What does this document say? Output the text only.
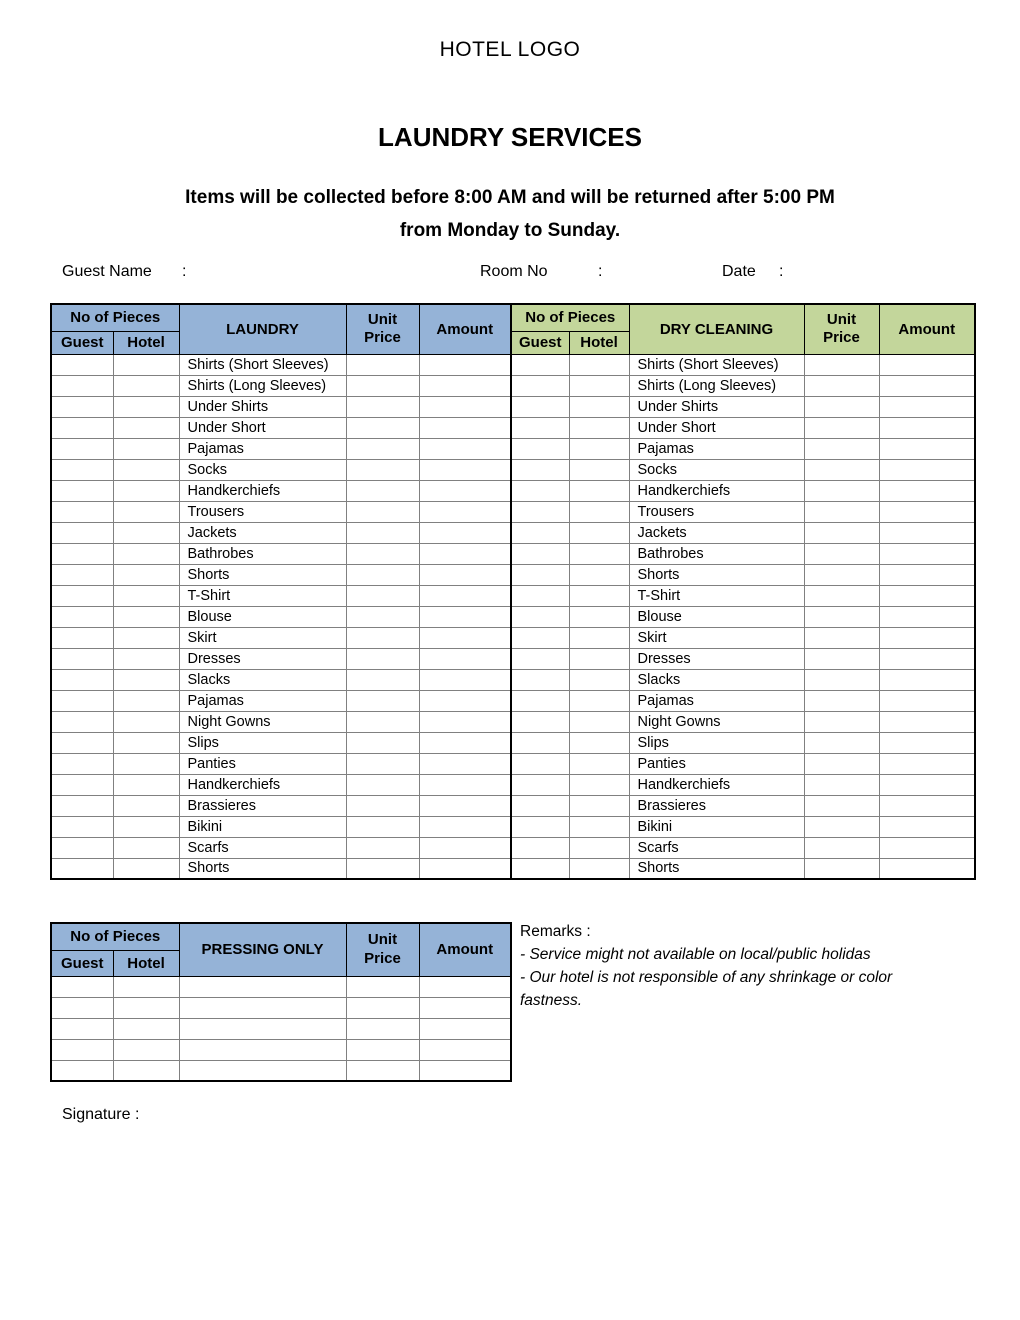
HOTEL LOGO
LAUNDRY SERVICES
Items will be collected before 8:00 AM and will be returned after 5:00 PM
from Monday to Sunday.
Guest Name :	Room No	:	Date :
No of Pieces		LAUNDRY	Unit Price	Amount	No of Pieces		DRY CLEANING	Unit Price	Amount
Guest	Hotel				Guest	Hotel			
		Shirts (Short Sleeves)					Shirts (Short Sleeves)		
		Shirts (Long Sleeves)					Shirts (Long Sleeves)		
		Under Shirts					Under Shirts		
		Under Short					Under Short		
		Pajamas					Pajamas		
		Socks					Socks		
		Handkerchiefs					Handkerchiefs		
		Trousers					Trousers		
		Jackets					Jackets		
		Bathrobes					Bathrobes		
		Shorts					Shorts		
		T-Shirt					T-Shirt		
		Blouse					Blouse		
		Skirt					Skirt		
		Dresses					Dresses		
		Slacks					Slacks		
		Pajamas					Pajamas		
		Night Gowns					Night Gowns		
		Slips					Slips		
		Panties					Panties		
		Handkerchiefs					Handkerchiefs		
		Brassieres					Brassieres		
		Bikini					Bikini		
		Scarfs					Scarfs		
		Shorts					Shorts		
No of Pieces		PRESSING ONLY	Unit Price	Amount
Guest	Hotel			

Remarks :
- Service might not available on local/public holidas
- Our hotel is not responsible of any shrinkage or color fastness.
Signature :
